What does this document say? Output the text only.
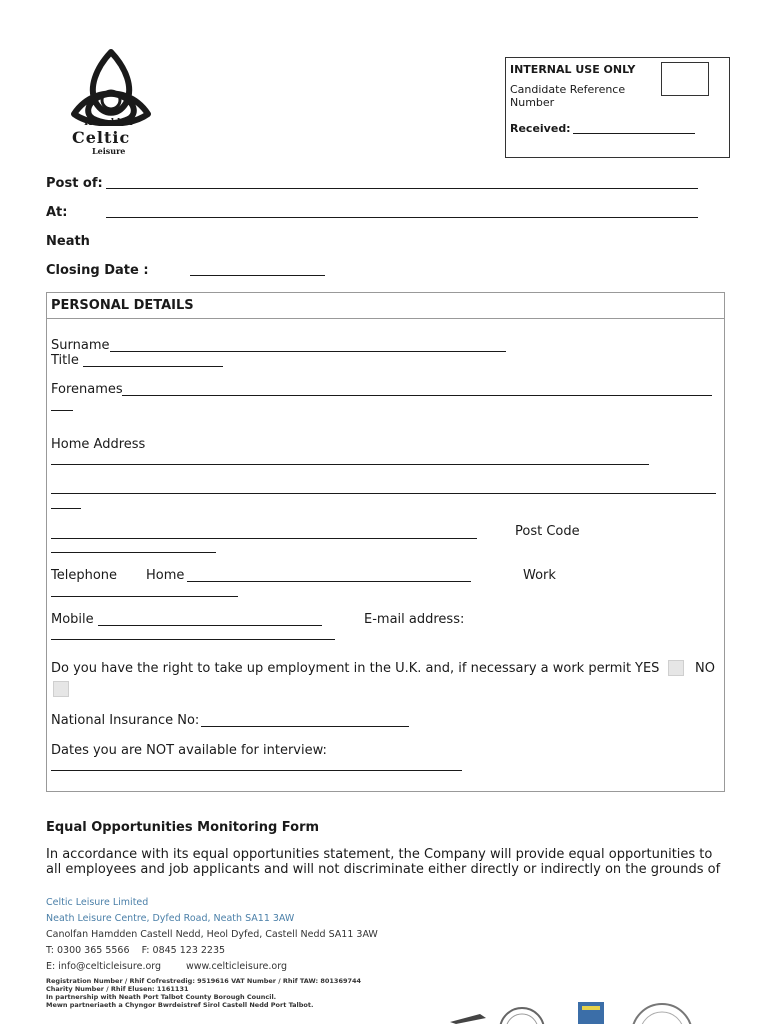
Hamdden
Celtic
Leisure
INTERNAL USE ONLY
Candidate Reference
Number
Received:
Post of:
At:
Neath
Closing Date :
PERSONAL DETAILS
Surname
Title
Forenames
Home Address
Post Code
Telephone Home	Work
Mobile	E-mail address:
Do you have the right to take up employment in the U.K. and, if necessary a work permit YES	NO
National Insurance No:
Dates you are NOT available for interview:
Equal Opportunities Monitoring Form
In accordance with its equal opportunities statement, the Company will provide equal opportunities to
all employees and job applicants and will not discriminate either directly or indirectly on the grounds of
Celtic Leisure Limited
Neath Leisure Centre, Dyfed Road, Neath SA11 3AW
Canolfan Hamdden Castell Nedd, Heol Dyfed, Castell Nedd SA11 3AW
T: 0300 365 5566    F: 0845 123 2235
E: info@celticleisure.org	www.celticleisure.org
Registration Number / Rhif Cofrestredig: 9519616 VAT Number / Rhif TAW: 801369744
Charity Number / Rhif Elusen: 1161131
In partnership with Neath Port Talbot County Borough Council.
Mewn partneriaeth a Chyngor Bwrdeistref Sirol Castell Nedd Port Talbot.
